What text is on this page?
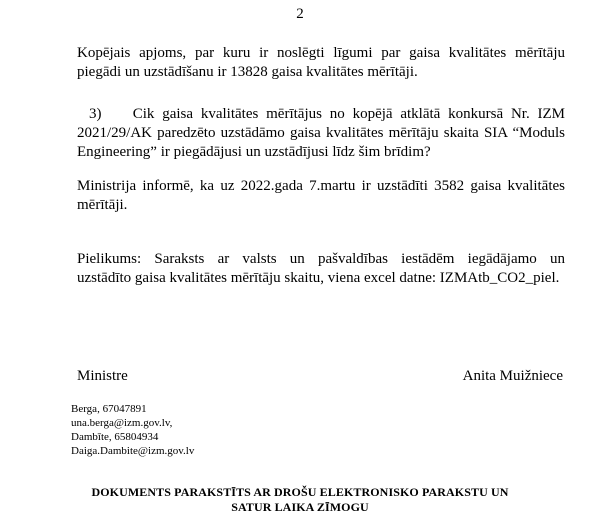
2
Kopējais apjoms, par kuru ir noslēgti līgumi par gaisa kvalitātes mērītāju
piegādi un uzstādīšanu ir 13828 gaisa kvalitātes mērītāji.
3)    Cik gaisa kvalitātes mērītājus no kopējā atklātā konkursā Nr. IZM
2021/29/AK paredzēto uzstādāmo gaisa kvalitātes mērītāju skaita SIA “Moduls
Engineering” ir piegādājusi un uzstādījusi līdz šim brīdim?
Ministrija informē, ka uz 2022.gada 7.martu ir uzstādīti 3582 gaisa kvalitātes
mērītāji.
Pielikums: Saraksts ar valsts un pašvaldības iestādēm iegādājamo un
uzstādīto gaisa kvalitātes mērītāju skaitu, viena excel datne: IZMAtb_CO2_piel.
Ministre	Anita Muižniece
Berga, 67047891
una.berga@izm.gov.lv,
Dambīte, 65804934
Daiga.Dambite@izm.gov.lv
DOKUMENTS PARAKSTĪTS AR DROŠU ELEKTRONISKO PARAKSTU UN
SATUR LAIKA ZĪMOGU
